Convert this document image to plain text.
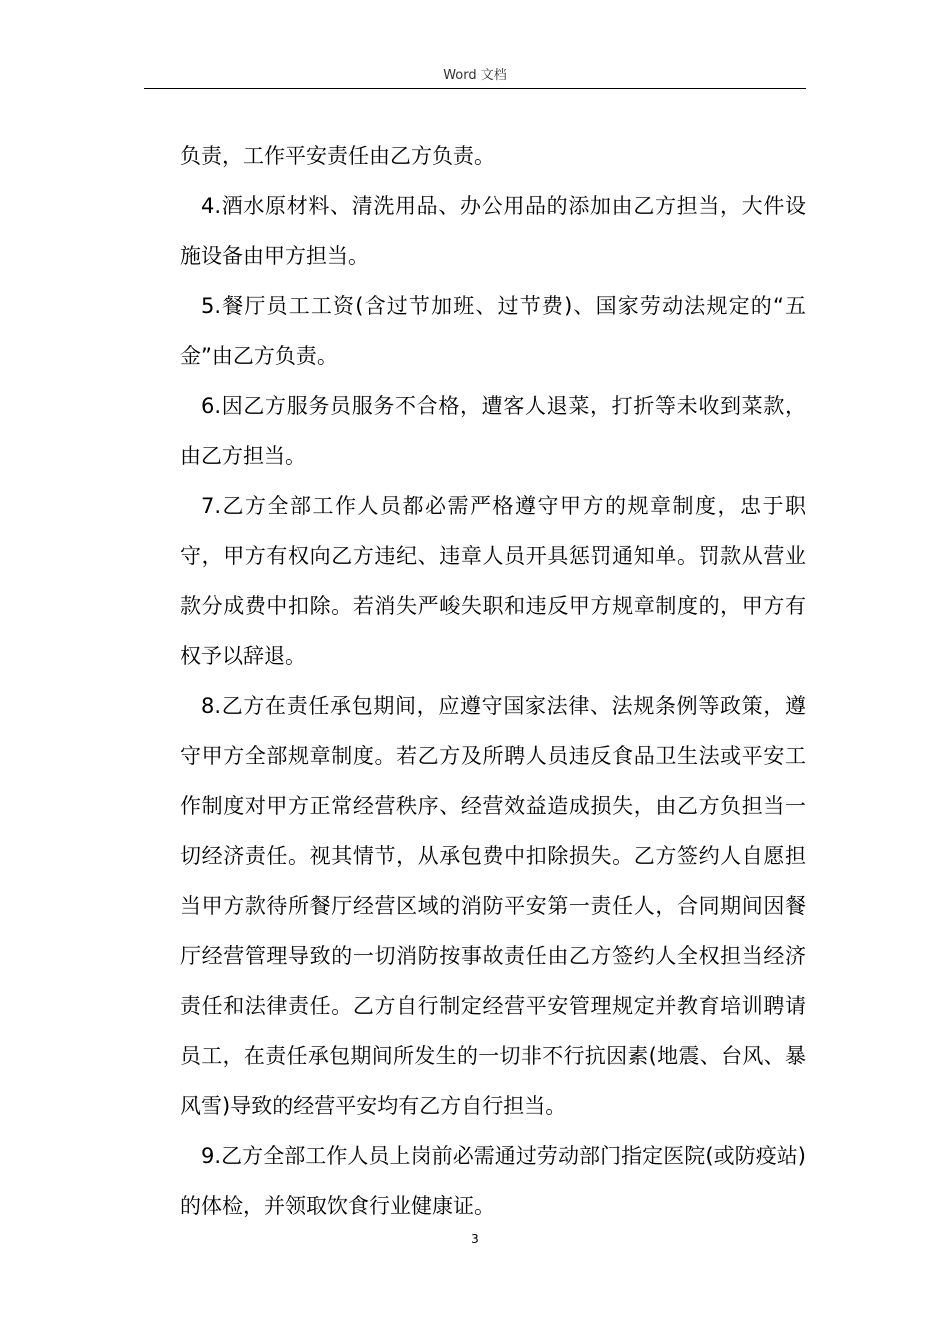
Word 文档

负责，工作平安责任由乙方负责。

4.酒水原材料、清洗用品、办公用品的添加由乙方担当，大件设施设备由甲方担当。

5.餐厅员工工资(含过节加班、过节费)、国家劳动法规定的“五金”由乙方负责。

6.因乙方服务员服务不合格，遭客人退菜，打折等未收到菜款，由乙方担当。

7.乙方全部工作人员都必需严格遵守甲方的规章制度，忠于职守，甲方有权向乙方违纪、违章人员开具惩罚通知单。罚款从营业款分成费中扣除。若消失严峻失职和违反甲方规章制度的，甲方有权予以辞退。

8.乙方在责任承包期间，应遵守国家法律、法规条例等政策，遵守甲方全部规章制度。若乙方及所聘人员违反食品卫生法或平安工作制度对甲方正常经营秩序、经营效益造成损失，由乙方负担当一切经济责任。视其情节，从承包费中扣除损失。乙方签约人自愿担当甲方款待所餐厅经营区域的消防平安第一责任人，合同期间因餐厅经营管理导致的一切消防按事故责任由乙方签约人全权担当经济责任和法律责任。乙方自行制定经营平安管理规定并教育培训聘请员工，在责任承包期间所发生的一切非不行抗因素(地震、台风、暴风雪)导致的经营平安均有乙方自行担当。

9.乙方全部工作人员上岗前必需通过劳动部门指定医院(或防疫站)的体检，并领取饮食行业健康证。

3
